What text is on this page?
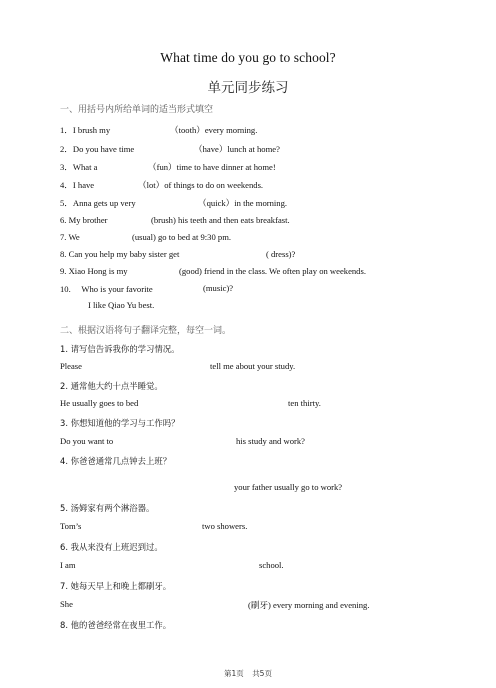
What time do you go to school?
单元同步练习
一、用括号内所给单词的适当形式填空
1．I brush my	（tooth）every morning.
2．Do you have time	（have）lunch at home?
3．What a	（fun）time to have dinner at home!
4．I have	（lot）of things to do on weekends.
5．Anna gets up very	（quick）in the morning.
6. My brother	(brush) his teeth and then eats breakfast.
7. We	(usual) go to bed at 9:30 pm.
8. Can you help my baby sister get	( dress)?
9. Xiao Hong is my	(good) friend in the class. We often play on weekends.
10.　 Who is your favorite	(music)?
I like Qiao Yu best.
二、根据汉语将句子翻译完整，每空一词。
1. 请写信告诉我你的学习情况。
Please	tell me about your study.
2. 通常他大约十点半睡觉。
He usually goes to bed	ten thirty.
3. 你想知道他的学习与工作吗？
Do you want to	his study and work?
4. 你爸爸通常几点钟去上班？
your father usually go to work?
5. 汤姆家有两个淋浴器。
Tom’s	two showers.
6. 我从来没有上班迟到过。
I am	school.
7. 她每天早上和晚上都刷牙。
She	(刷牙) every morning and evening.
8. 他的爸爸经常在夜里工作。
第1页 共5页
